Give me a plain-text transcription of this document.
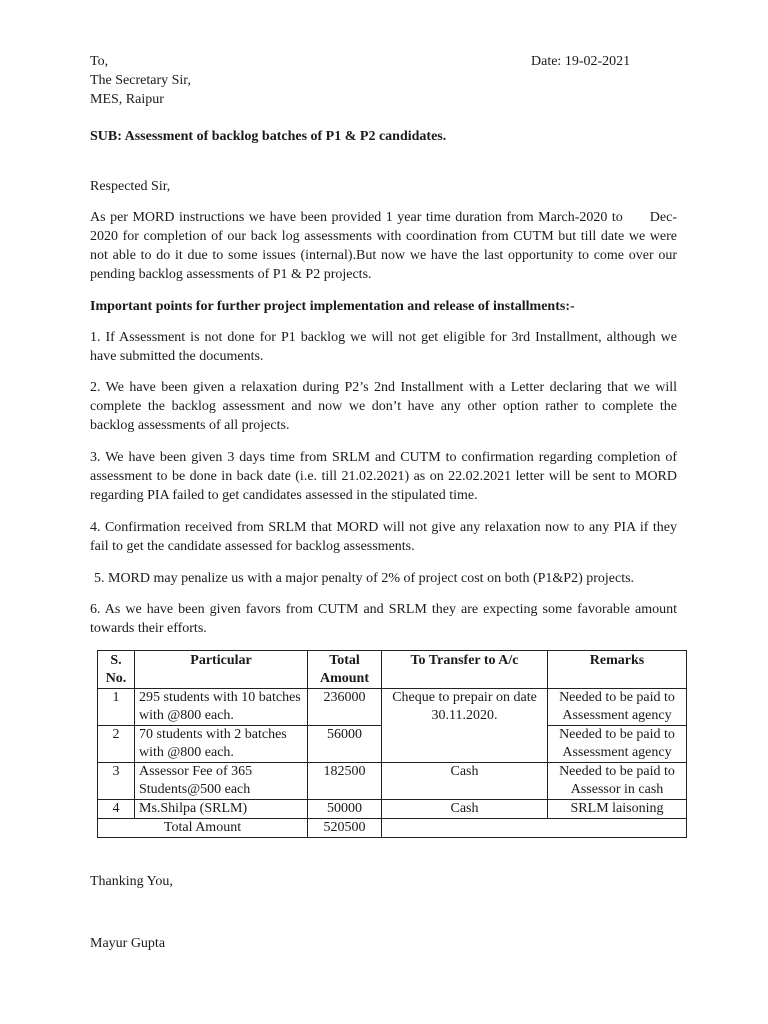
To,	Date: 19-02-2021
The Secretary Sir,
MES, Raipur
SUB: Assessment of backlog batches of P1 & P2 candidates.
Respected Sir,
As per MORD instructions we have been provided 1 year time duration from March-2020 to      Dec-2020 for completion of our back log assessments with coordination from CUTM but till date we were not able to do it due to some issues (internal).But now we have the last opportunity to come over our pending backlog assessments of P1 & P2 projects.
Important points for further project implementation and release of installments:-
1. If Assessment is not done for P1 backlog we will not get eligible for 3rd Installment, although we have submitted the documents.
2. We have been given a relaxation during P2’s 2nd Installment with a Letter declaring that we will complete the backlog assessment and now we don’t have any other option rather to complete the backlog assessments of all projects.
3. We have been given 3 days time from SRLM and CUTM to confirmation regarding completion of assessment to be done in back date (i.e. till 21.02.2021) as on 22.02.2021 letter will be sent to MORD regarding PIA failed to get candidates assessed in the stipulated time.
4. Confirmation received from SRLM that MORD will not give any relaxation now to any PIA if they fail to get the candidate assessed for backlog assessments.
5. MORD may penalize us with a major penalty of 2% of project cost on both (P1&P2) projects.
6. As we have been given favors from CUTM and SRLM they are expecting some favorable amount towards their efforts.
S. No.	Particular	Total Amount	To Transfer to A/c	Remarks
1	295 students with 10 batches with @800 each.	236000	Cheque to prepair on date 30.11.2020.	Needed to be paid to Assessment agency
2	70 students with 2 batches with @800 each.	56000		Needed to be paid to Assessment agency
3	Assessor Fee of 365 Students@500 each	182500	Cash	Needed to be paid to Assessor in cash
4	Ms.Shilpa (SRLM)	50000	Cash	SRLM laisoning
Total Amount		520500		
Thanking You,
Mayur Gupta
